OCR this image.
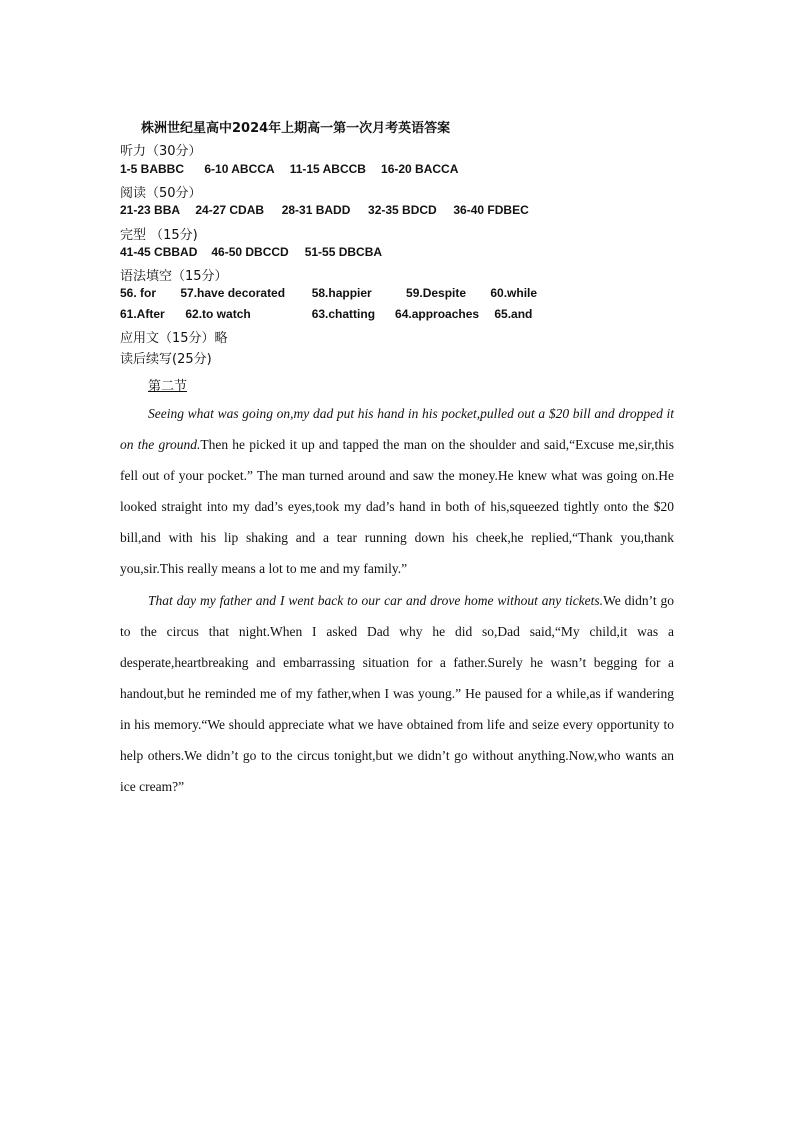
株洲世纪星高中2024年上期高一第一次月考英语答案
听力（30分）
1-5 BABBC 6-10 ABCCA 11-15 ABCCB 16-20 BACCA
阅读（50分）
21-23 BBA 24-27 CDAB 28-31 BADD 32-35 BDCD 36-40 FDBEC
完型 （15分)
41-45 CBBAD 46-50 DBCCD 51-55 DBCBA
语法填空（15分）
56. for 57.have decorated 58.happier	59.Despite 60.while
61.After 62.to watch	63.chatting 64.approaches 65.and
应用文（15分）略
读后续写(25分)
第二节

Seeing what was going on,my dad put his hand in his pocket,pulled out a $20 bill and dropped it on the ground.Then he picked it up and tapped the man on the shoulder and said,“Excuse me,sir,this fell out of your pocket.” The man turned around and saw the money.He knew what was going on.He looked straight into my dad’s eyes,took my dad’s hand in both of his,squeezed tightly onto the $20 bill,and with his lip shaking and a tear running down his cheek,he replied,“Thank you,thank you,sir.This really means a lot to me and my family.”

That day my father and I went back to our car and drove home without any tickets.We didn’t go to the circus that night.When I asked Dad why he did so,Dad said,“My child,it was a desperate,heartbreaking and embarrassing situation for a father.Surely he wasn’t begging for a handout,but he reminded me of my father,when I was young.” He paused for a while,as if wandering in his memory.“We should appreciate what we have obtained from life and seize every opportunity to help others.We didn’t go to the circus tonight,but we didn’t go without anything.Now,who wants an ice cream?”
